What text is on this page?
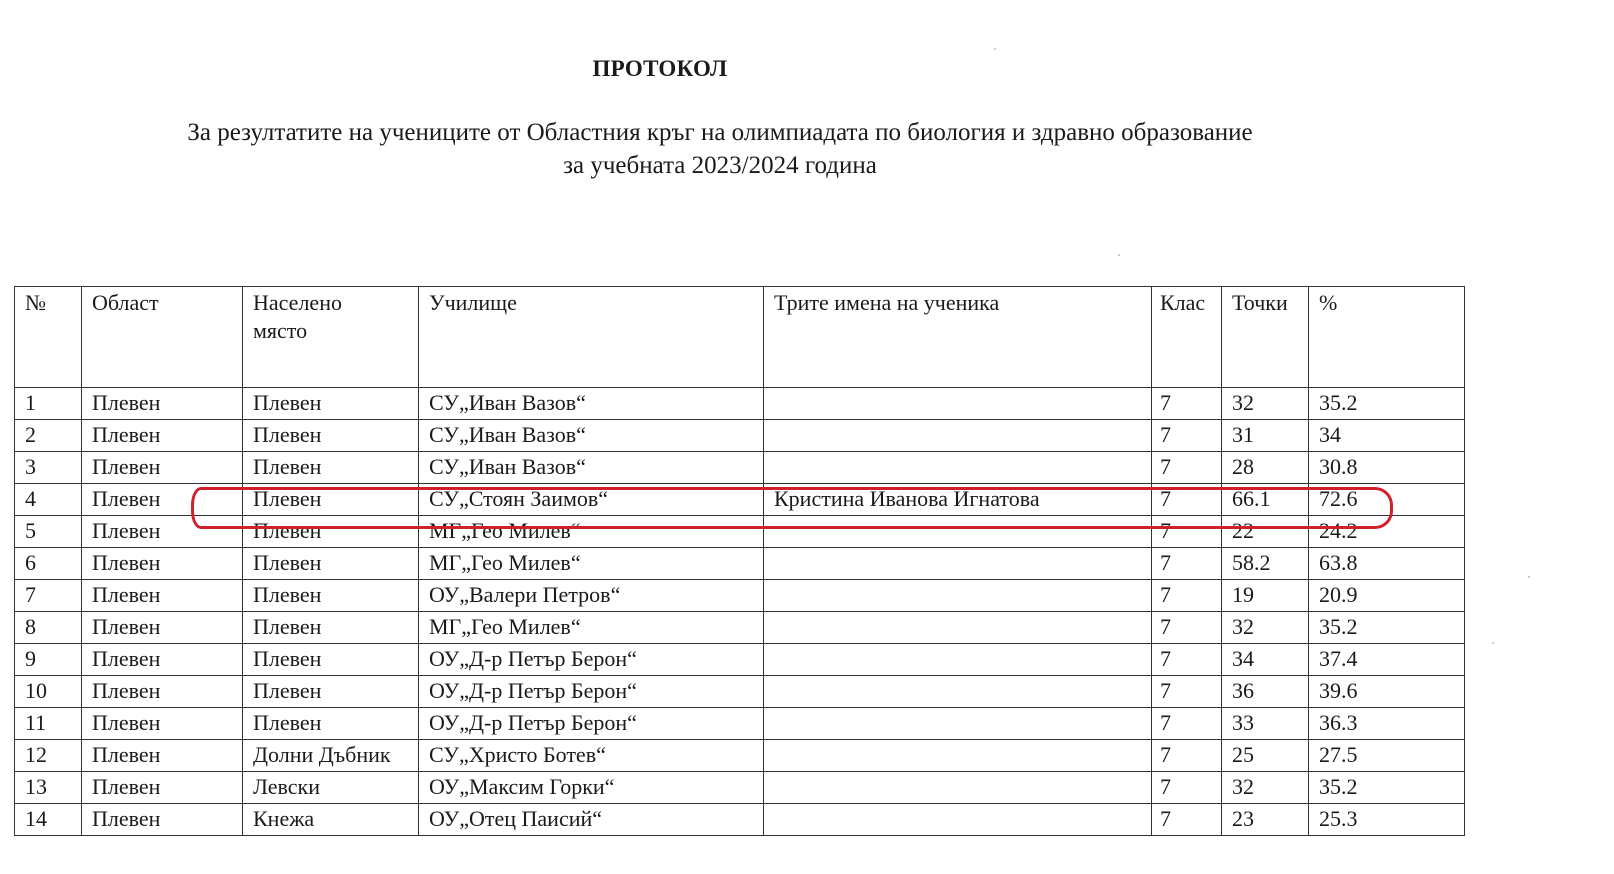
ПРОТОКОЛ
За резултатите на учениците от Областния кръг на олимпиадата по биология и здравно образование
за учебната 2023/2024 година
№	Област	Населено място	Училище	Трите имена на ученика	Клас	Точки	%
1	Плевен	Плевен	СУ„Иван Вазов“		7	32	35.2
2	Плевен	Плевен	СУ„Иван Вазов“		7	31	34
3	Плевен	Плевен	СУ„Иван Вазов“		7	28	30.8
4	Плевен	Плевен	СУ„Стоян Заимов“	Кристина Иванова Игнатова	7	66.1	72.6
5	Плевен	Плевен	МГ„Гео Милев“		7	22	24.2
6	Плевен	Плевен	МГ„Гео Милев“		7	58.2	63.8
7	Плевен	Плевен	ОУ„Валери Петров“		7	19	20.9
8	Плевен	Плевен	МГ„Гео Милев“		7	32	35.2
9	Плевен	Плевен	ОУ„Д-р Петър Берон“		7	34	37.4
10	Плевен	Плевен	ОУ„Д-р Петър Берон“		7	36	39.6
11	Плевен	Плевен	ОУ„Д-р Петър Берон“		7	33	36.3
12	Плевен	Долни Дъбник	СУ„Христо Ботев“		7	25	27.5
13	Плевен	Левски	ОУ„Максим Горки“		7	32	35.2
14	Плевен	Кнежа	ОУ„Отец Паисий“		7	23	25.3
